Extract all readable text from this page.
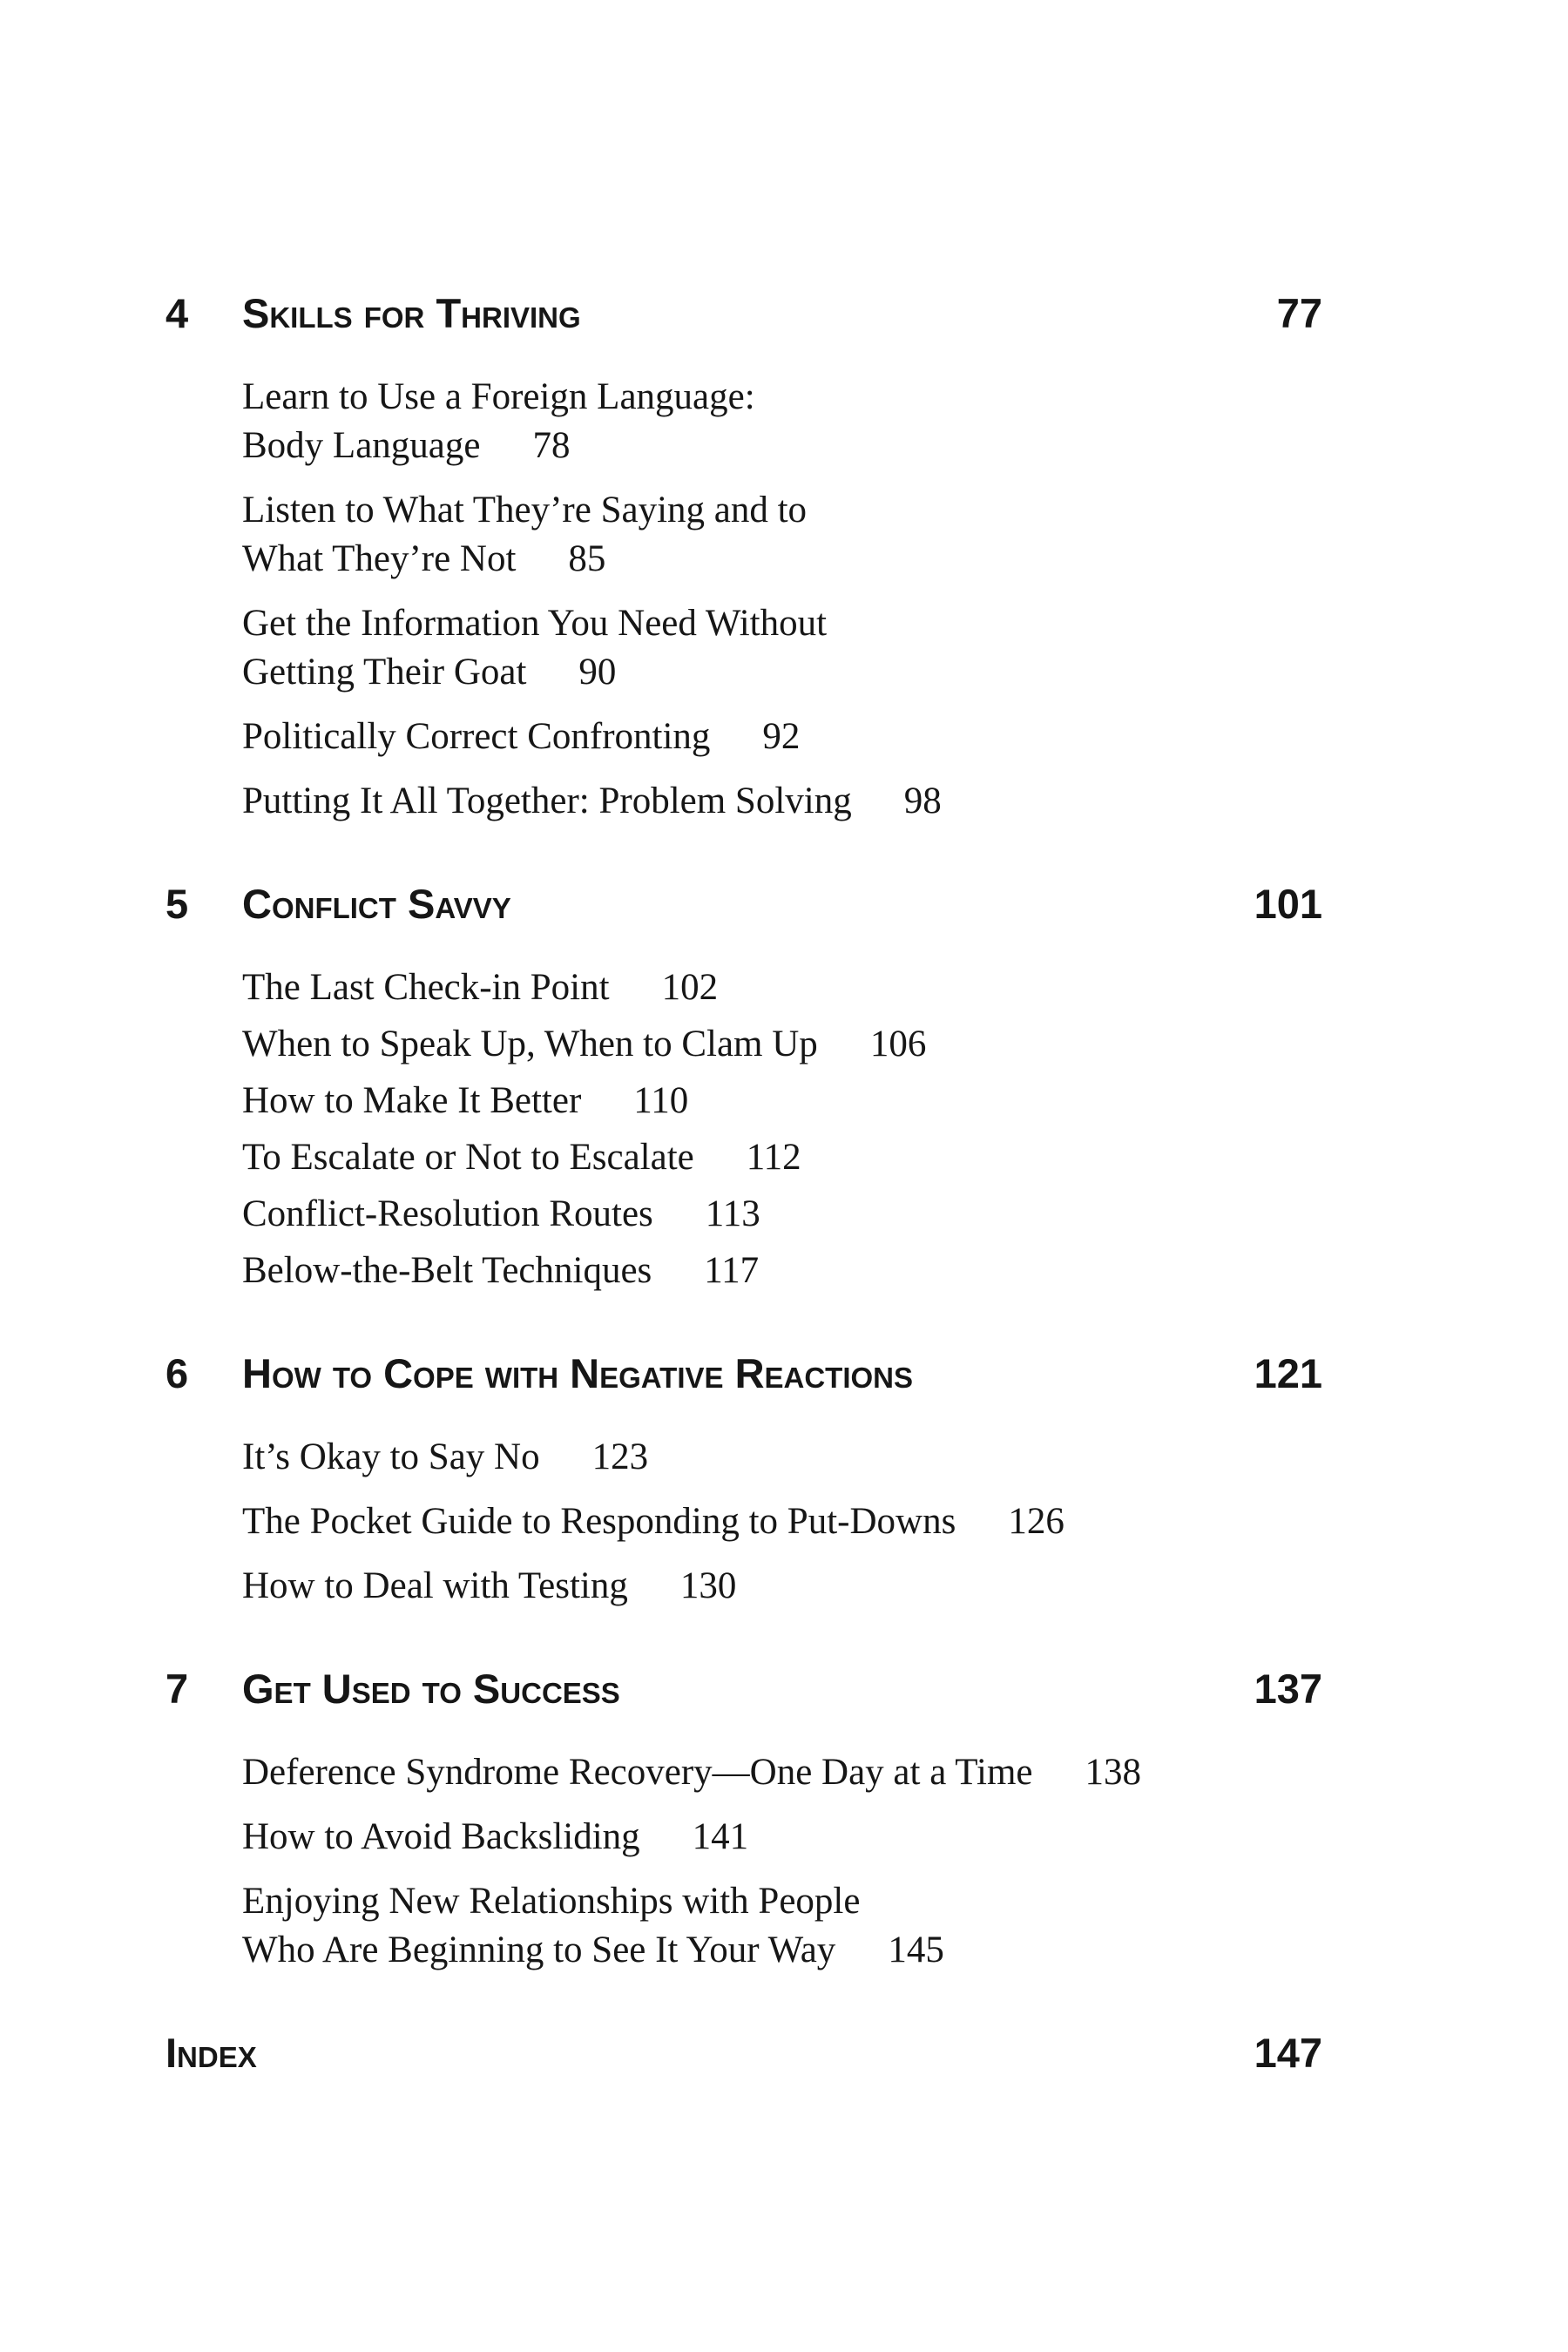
4	Skills for Thriving	77
Learn to Use a Foreign Language:
Body Language 78
Listen to What They’re Saying and to
What They’re Not 85
Get the Information You Need Without
Getting Their Goat 90
Politically Correct Confronting 92
Putting It All Together: Problem Solving 98
5	Conflict Savvy	101
The Last Check-in Point 102
When to Speak Up, When to Clam Up 106
How to Make It Better 110
To Escalate or Not to Escalate 112
Conflict-Resolution Routes 113
Below-the-Belt Techniques 117
6	How to Cope with Negative Reactions	121
It’s Okay to Say No 123
The Pocket Guide to Responding to Put-Downs 126
How to Deal with Testing 130
7	Get Used to Success	137
Deference Syndrome Recovery—One Day at a Time 138
How to Avoid Backsliding 141
Enjoying New Relationships with People
Who Are Beginning to See It Your Way 145
Index	147
